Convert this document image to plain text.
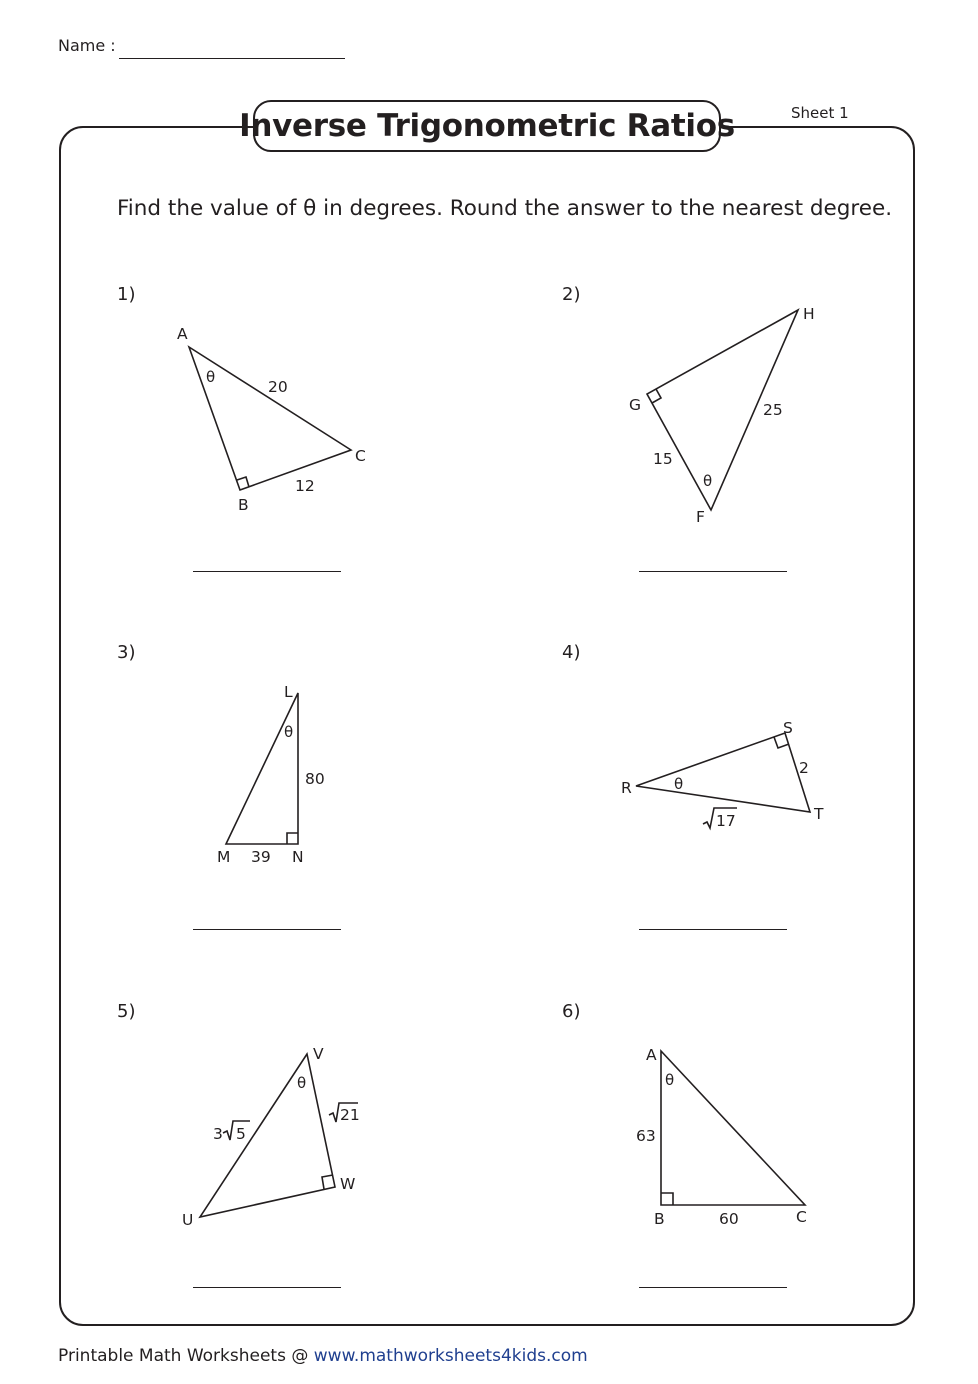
Name :
Sheet 1
Inverse Trigonometric Ratios
Find the value of θ in degrees. Round the answer to the nearest degree.
1)	2)
3)	4)
5)	6)
A
B
C
θ
20
12
H
G
F
θ
25
15
L
M	N
θ
80
39
S
R
T
θ
2
17
V
U
W
θ
3 5
21
A
B	C
θ
63
60
Printable Math Worksheets @ www.mathworksheets4kids.com
